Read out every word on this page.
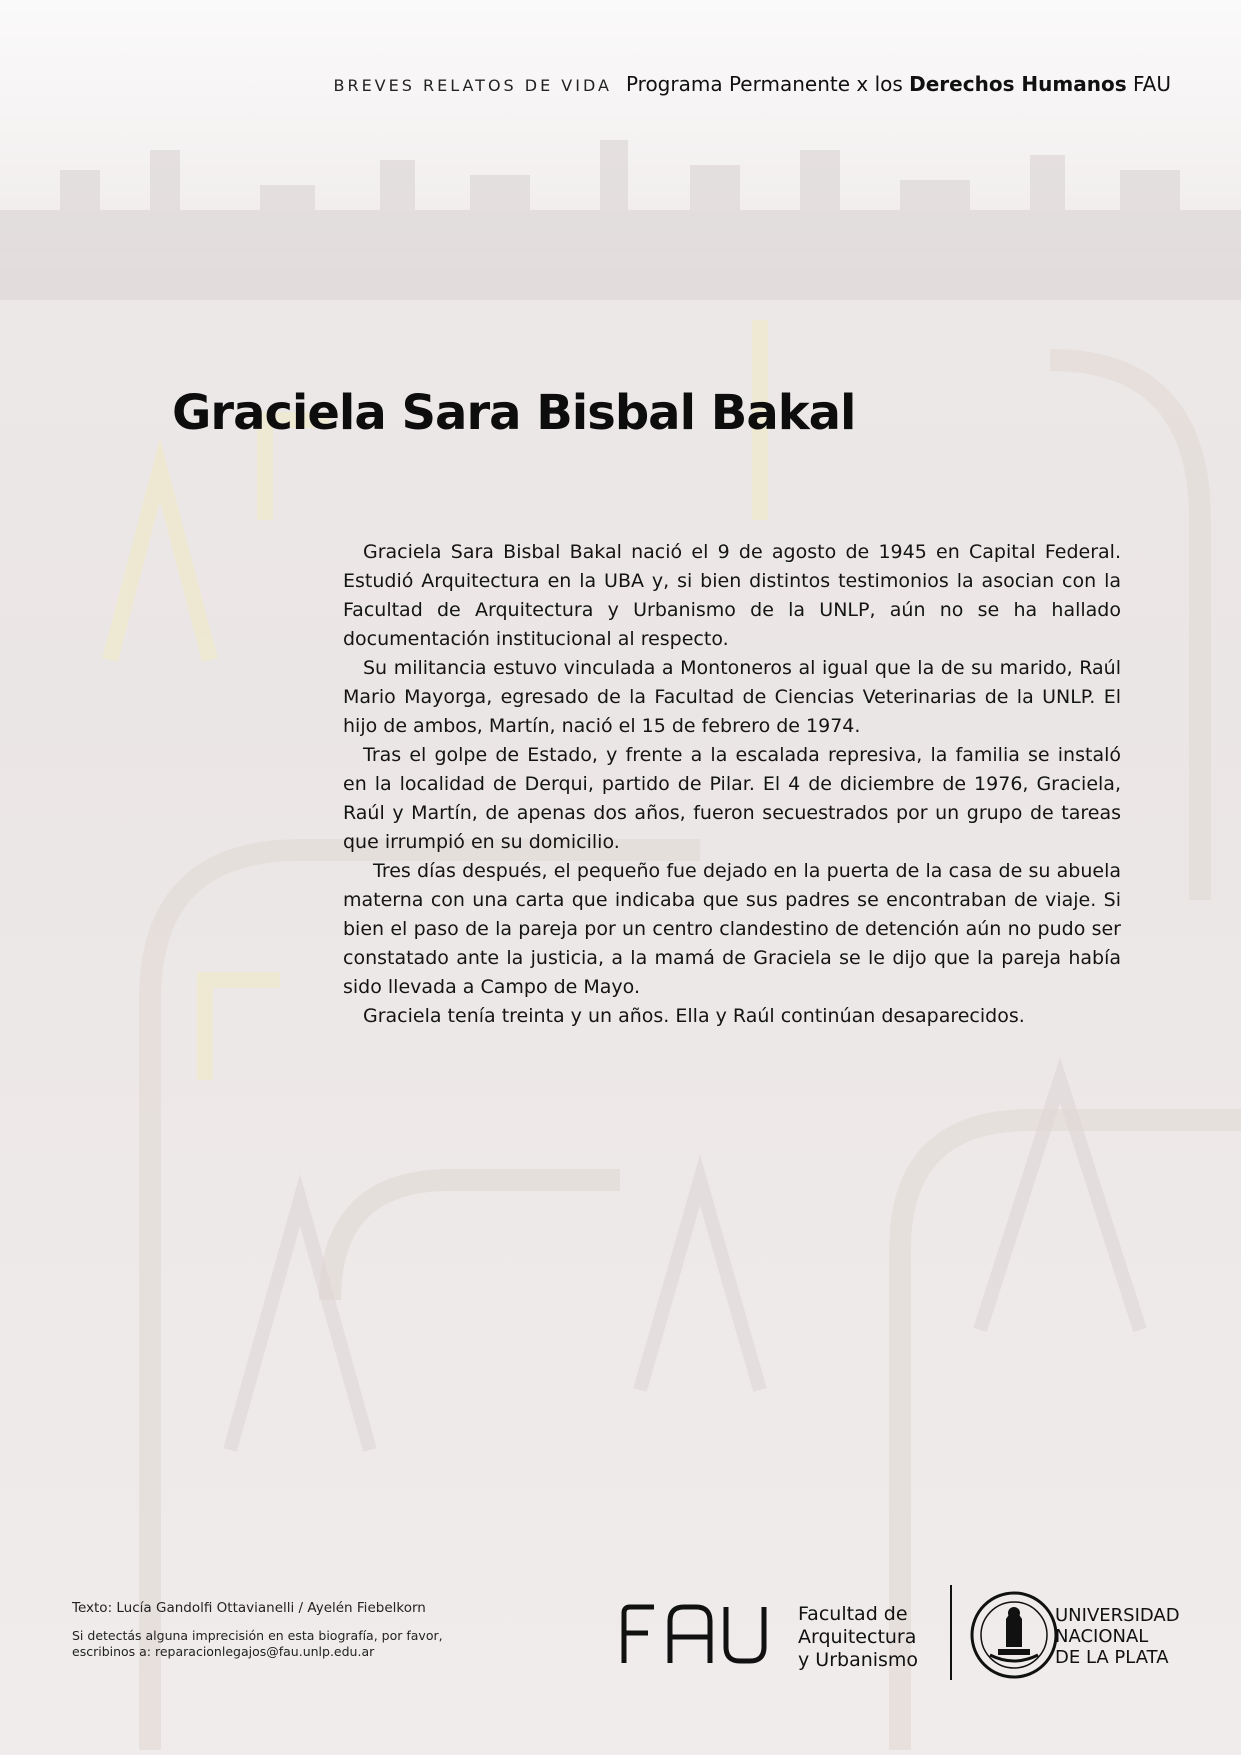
BREVES RELATOS DE VIDA Programa Permanente x los Derechos Humanos FAU
Graciela Sara Bisbal Bakal

Graciela Sara Bisbal Bakal nació el 9 de agosto de 1945 en Capital Federal. Estudió Arquitectura en la UBA y, si bien distintos testimonios la asocian con la Facultad de Arquitectura y Urbanismo de la UNLP, aún no se ha hallado documentación institucional al respecto.

Su militancia estuvo vinculada a Montoneros al igual que la de su marido, Raúl Mario Mayorga, egresado de la Facultad de Ciencias Veterinarias de la UNLP. El hijo de ambos, Martín, nació el 15 de febrero de 1974.

Tras el golpe de Estado, y frente a la escalada represiva, la familia se instaló en la localidad de Derqui, partido de Pilar. El 4 de diciembre de 1976, Graciela, Raúl y Martín, de apenas dos años, fueron secuestrados por un grupo de tareas que irrumpió en su domicilio.

Tres días después, el pequeño fue dejado en la puerta de la casa de su abuela materna con una carta que indicaba que sus padres se encontraban de viaje. Si bien el paso de la pareja por un centro clandestino de detención aún no pudo ser constatado ante la justicia, a la mamá de Graciela se le dijo que la pareja había sido llevada a Campo de Mayo.

Graciela tenía treinta y un años. Ella y Raúl continúan desaparecidos.

Texto: Lucía Gandolfi Ottavianelli / Ayelén Fiebelkorn

Si detectás alguna imprecisión en esta biografía, por favor,
escribinos a: reparacionlegajos@fau.unlp.edu.ar

Facultad de
Arquitectura
y Urbanismo
UNIVERSIDAD
NACIONAL
DE LA PLATA
